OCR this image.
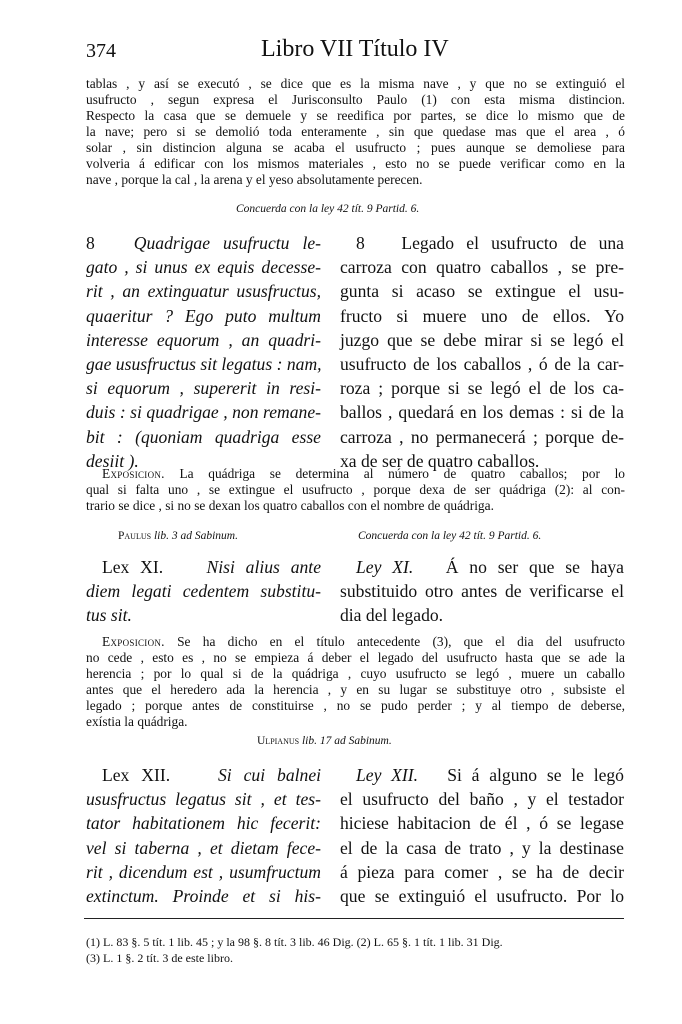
374	Libro VII Título IV
tablas , y así se executó , se dice que es la misma nave , y que no se extinguió el
usufructo , segun expresa el Jurisconsulto Paulo (1) con esta misma distincion.
Respecto la casa que se demuele y se reedifica por partes, se dice lo mismo que de
la nave; pero si se demolió toda enteramente , sin que quedase mas que el area , ó
solar , sin distincion alguna se acaba el usufructo ; pues aunque se demoliese para
volveria á edificar con los mismos materiales , esto no se puede verificar como en la
nave , porque la cal , la arena y el yeso absolutamente perecen.
Concuerda con la ley 42 tít. 9 Partid. 6.
8 Quadrigae usufructu le-
gato , si unus ex equis decesse-
rit , an extinguatur ususfructus,
quaeritur ? Ego puto multum
interesse equorum , an quadri-
gae ususfructus sit legatus : nam,
si equorum , supererit in resi-
duis : si quadrigae , non remane-
bit : (quoniam quadriga esse
desiit ).
8 Legado el usufructo de una
carroza con quatro caballos , se pre-
gunta si acaso se extingue el usu-
fructo si muere uno de ellos. Yo
juzgo que se debe mirar si se legó el
usufructo de los caballos , ó de la car-
roza ; porque si se legó el de los ca-
ballos , quedará en los demas : si de la
carroza , no permanecerá ; porque de-
xa de ser de quatro caballos.
Exposicion. La quádriga se determina al número de quatro caballos; por lo
qual si falta uno , se extingue el usufructo , porque dexa de ser quádriga (2): al con-
trario se dice , si no se dexan los quatro caballos con el nombre de quádriga.
Paulus lib. 3 ad Sabinum.	Concuerda con la ley 42 tít. 9 Partid. 6.
Lex XI. Nisi alius ante
diem legati cedentem substitu-
tus sit.
Ley XI. Á no ser que se haya
substituido otro antes de verificarse el
dia del legado.
Exposicion. Se ha dicho en el título antecedente (3), que el dia del usufructo
no cede , esto es , no se empieza á deber el legado del usufructo hasta que se ade la
herencia ; por lo qual si de la quádriga , cuyo usufructo se legó , muere un caballo
antes que el heredero ada la herencia , y en su lugar se substituye otro , subsiste el
legado ; porque antes de constituirse , no se pudo perder ; y al tiempo de deberse,
exístia la quádriga.
Ulpianus lib. 17 ad Sabinum.
Lex XII.	Si cui balnei
ususfructus legatus sit , et tes-
tator habitationem hic fecerit:
vel si taberna , et dietam fece-
rit , dicendum est , usumfructum
extinctum. Proinde et si his-
Ley XII. Si á alguno se le legó
el usufructo del baño , y el testador
hiciese habitacion de él , ó se legase
el de la casa de trato , y la destinase
á pieza para comer , se ha de decir
que se extinguió el usufructo. Por lo
(1) L. 83 §. 5 tít. 1 lib. 45 ; y la 98 §. 8 tít. 3 lib. 46 Dig. (2) L. 65 §. 1 tít. 1 lib. 31 Dig.
(3) L. 1 §. 2 tít. 3 de este libro.
